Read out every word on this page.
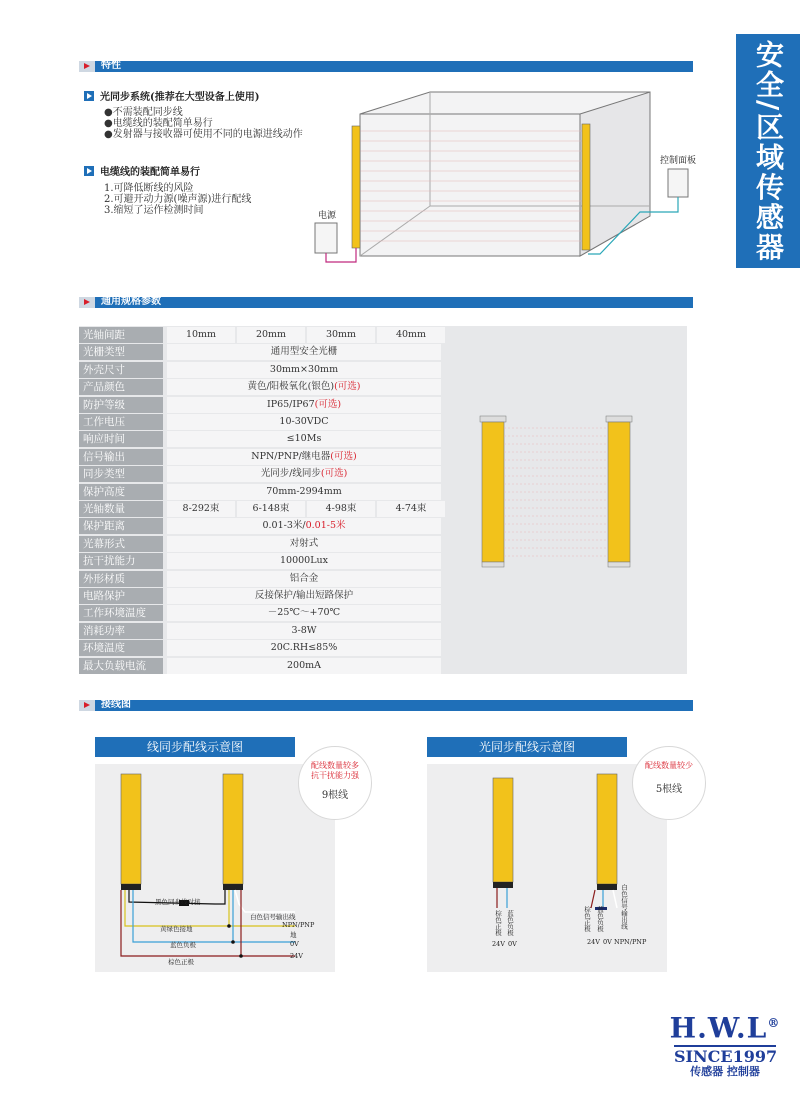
安全/区域传感器
特性
光同步系统(推荐在大型设备上使用)
●不需装配同步线
●电缆线的装配简单易行
●发射器与接收器可使用不同的电源进线动作
电缆线的装配简单易行
1.可降低断线的风险
2.可避开动力源(噪声源)进行配线
3.缩短了运作检测时间	电源
控制面板
通用规格参数
光轴间距	10mm	20mm	30mm	40mm
光栅类型	通用型安全光栅
外壳尺寸	30mm×30mm
产品颜色	黄色/阳极氧化(银色)(可选)
防护等级	IP65/IP67(可选)
工作电压	10-30VDC
响应时间	≤10Ms
信号输出	NPN/PNP/继电器(可选)
同步类型	光同步/线同步(可选)
保护高度	70mm-2994mm
光轴数量	8-292束	6-148束	4-98束	4-74束
保护距离	0.01-3米/0.01-5米
光幕形式	对射式
抗干扰能力	10000Lux
外形材质	铝合金
电路保护	反接保护/输出短路保护
工作环境温度	－25℃～+70℃
消耗功率	3-8W
环境温度	20C.RH≤85%
最大负载电流	200mA
接线图
线同步配线示意图
黑色同步线对接
白色信号输出线
NPN/PNP
黄绿色接地
地
蓝色负极	0V
棕色正极
24V
配线数量较多
抗干扰能力强
9根线
光同步配线示意图
棕色正极 蓝色负极
24V 0V
棕色正极 蓝色负极 白色信号输出线
24V 0V NPN/PNP
配线数量较少
5根线
H.W.L®
SINCE1997
传感器 控制器
